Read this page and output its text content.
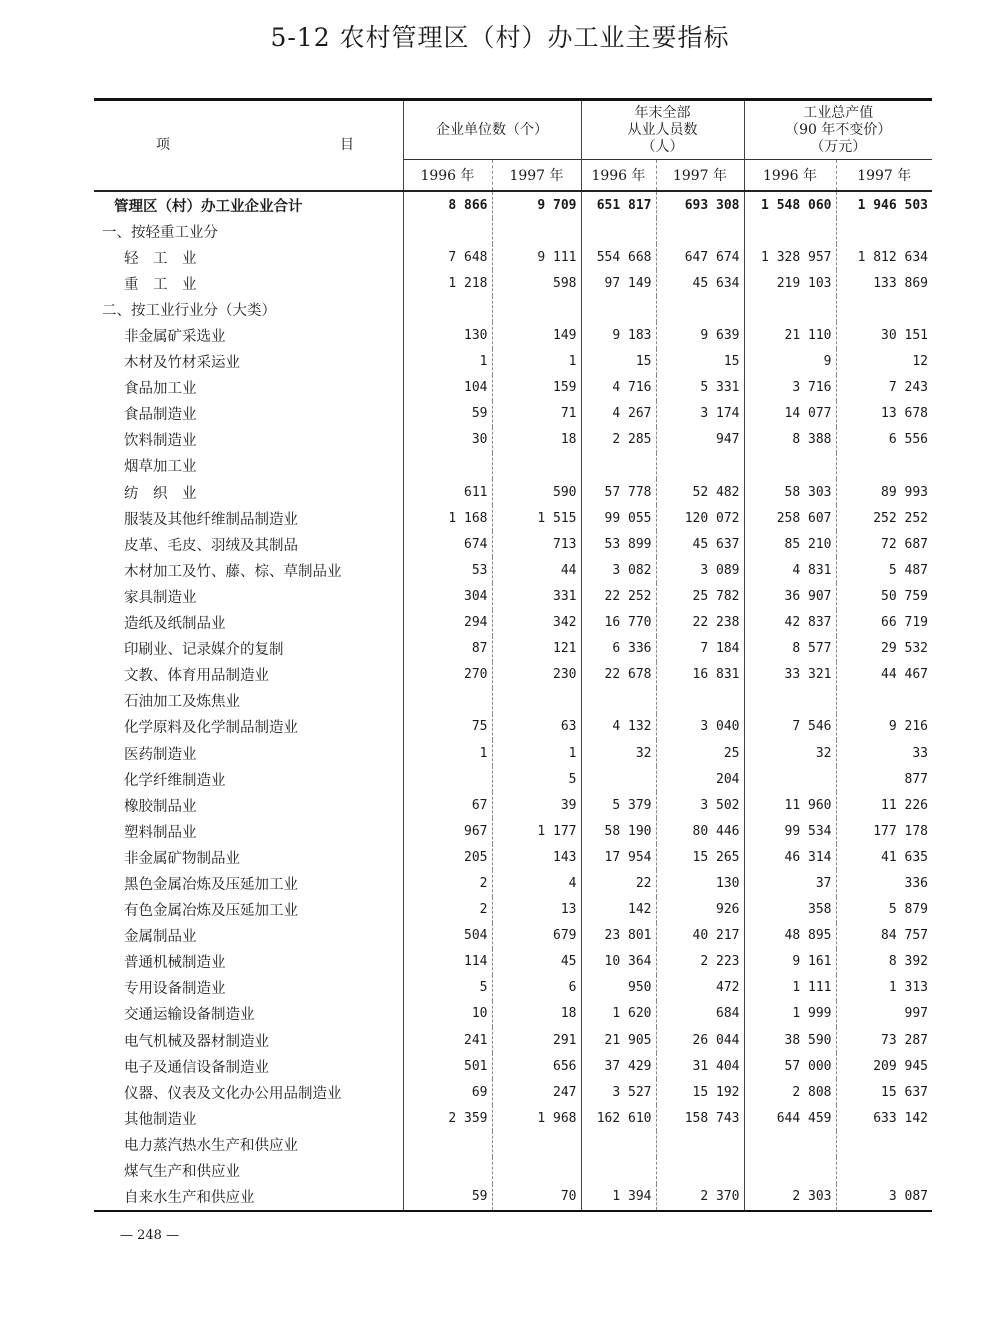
5-12 农村管理区（村）办工业主要指标
项 目	企业单位数（个）		年末全部
从业人员数
（人）		工业总产值
（90 年不变价）
（万元）	
	1996 年	1997 年	1996 年	1997 年	1996 年	1997 年
管理区（村）办工业企业合计	8 866	9 709	651 817	693 308	1 548 060	1 946 503
一、按轻重工业分						
轻　工　业	7 648	9 111	554 668	647 674	1 328 957	1 812 634
重　工　业	1 218	598	97 149	45 634	219 103	133 869
二、按工业行业分（大类）						
非金属矿采选业	130	149	9 183	9 639	21 110	30 151
木材及竹材采运业	1	1	15	15	9	12
食品加工业	104	159	4 716	5 331	3 716	7 243
食品制造业	59	71	4 267	3 174	14 077	13 678
饮料制造业	30	18	2 285	947	8 388	6 556
烟草加工业						
纺　织　业	611	590	57 778	52 482	58 303	89 993
服装及其他纤维制品制造业	1 168	1 515	99 055	120 072	258 607	252 252
皮革、毛皮、羽绒及其制品	674	713	53 899	45 637	85 210	72 687
木材加工及竹、藤、棕、草制品业	53	44	3 082	3 089	4 831	5 487
家具制造业	304	331	22 252	25 782	36 907	50 759
造纸及纸制品业	294	342	16 770	22 238	42 837	66 719
印刷业、记录媒介的复制	87	121	6 336	7 184	8 577	29 532
文教、体育用品制造业	270	230	22 678	16 831	33 321	44 467
石油加工及炼焦业						
化学原料及化学制品制造业	75	63	4 132	3 040	7 546	9 216
医药制造业	1	1	32	25	32	33
化学纤维制造业		5		204		877
橡胶制品业	67	39	5 379	3 502	11 960	11 226
塑料制品业	967	1 177	58 190	80 446	99 534	177 178
非金属矿物制品业	205	143	17 954	15 265	46 314	41 635
黑色金属冶炼及压延加工业	2	4	22	130	37	336
有色金属冶炼及压延加工业	2	13	142	926	358	5 879
金属制品业	504	679	23 801	40 217	48 895	84 757
普通机械制造业	114	45	10 364	2 223	9 161	8 392
专用设备制造业	5	6	950	472	1 111	1 313
交通运输设备制造业	10	18	1 620	684	1 999	997
电气机械及器材制造业	241	291	21 905	26 044	38 590	73 287
电子及通信设备制造业	501	656	37 429	31 404	57 000	209 945
仪器、仪表及文化办公用品制造业	69	247	3 527	15 192	2 808	15 637
其他制造业	2 359	1 968	162 610	158 743	644 459	633 142
电力蒸汽热水生产和供应业						
煤气生产和供应业						
自来水生产和供应业	59	70	1 394	2 370	2 303	3 087
— 248 —
